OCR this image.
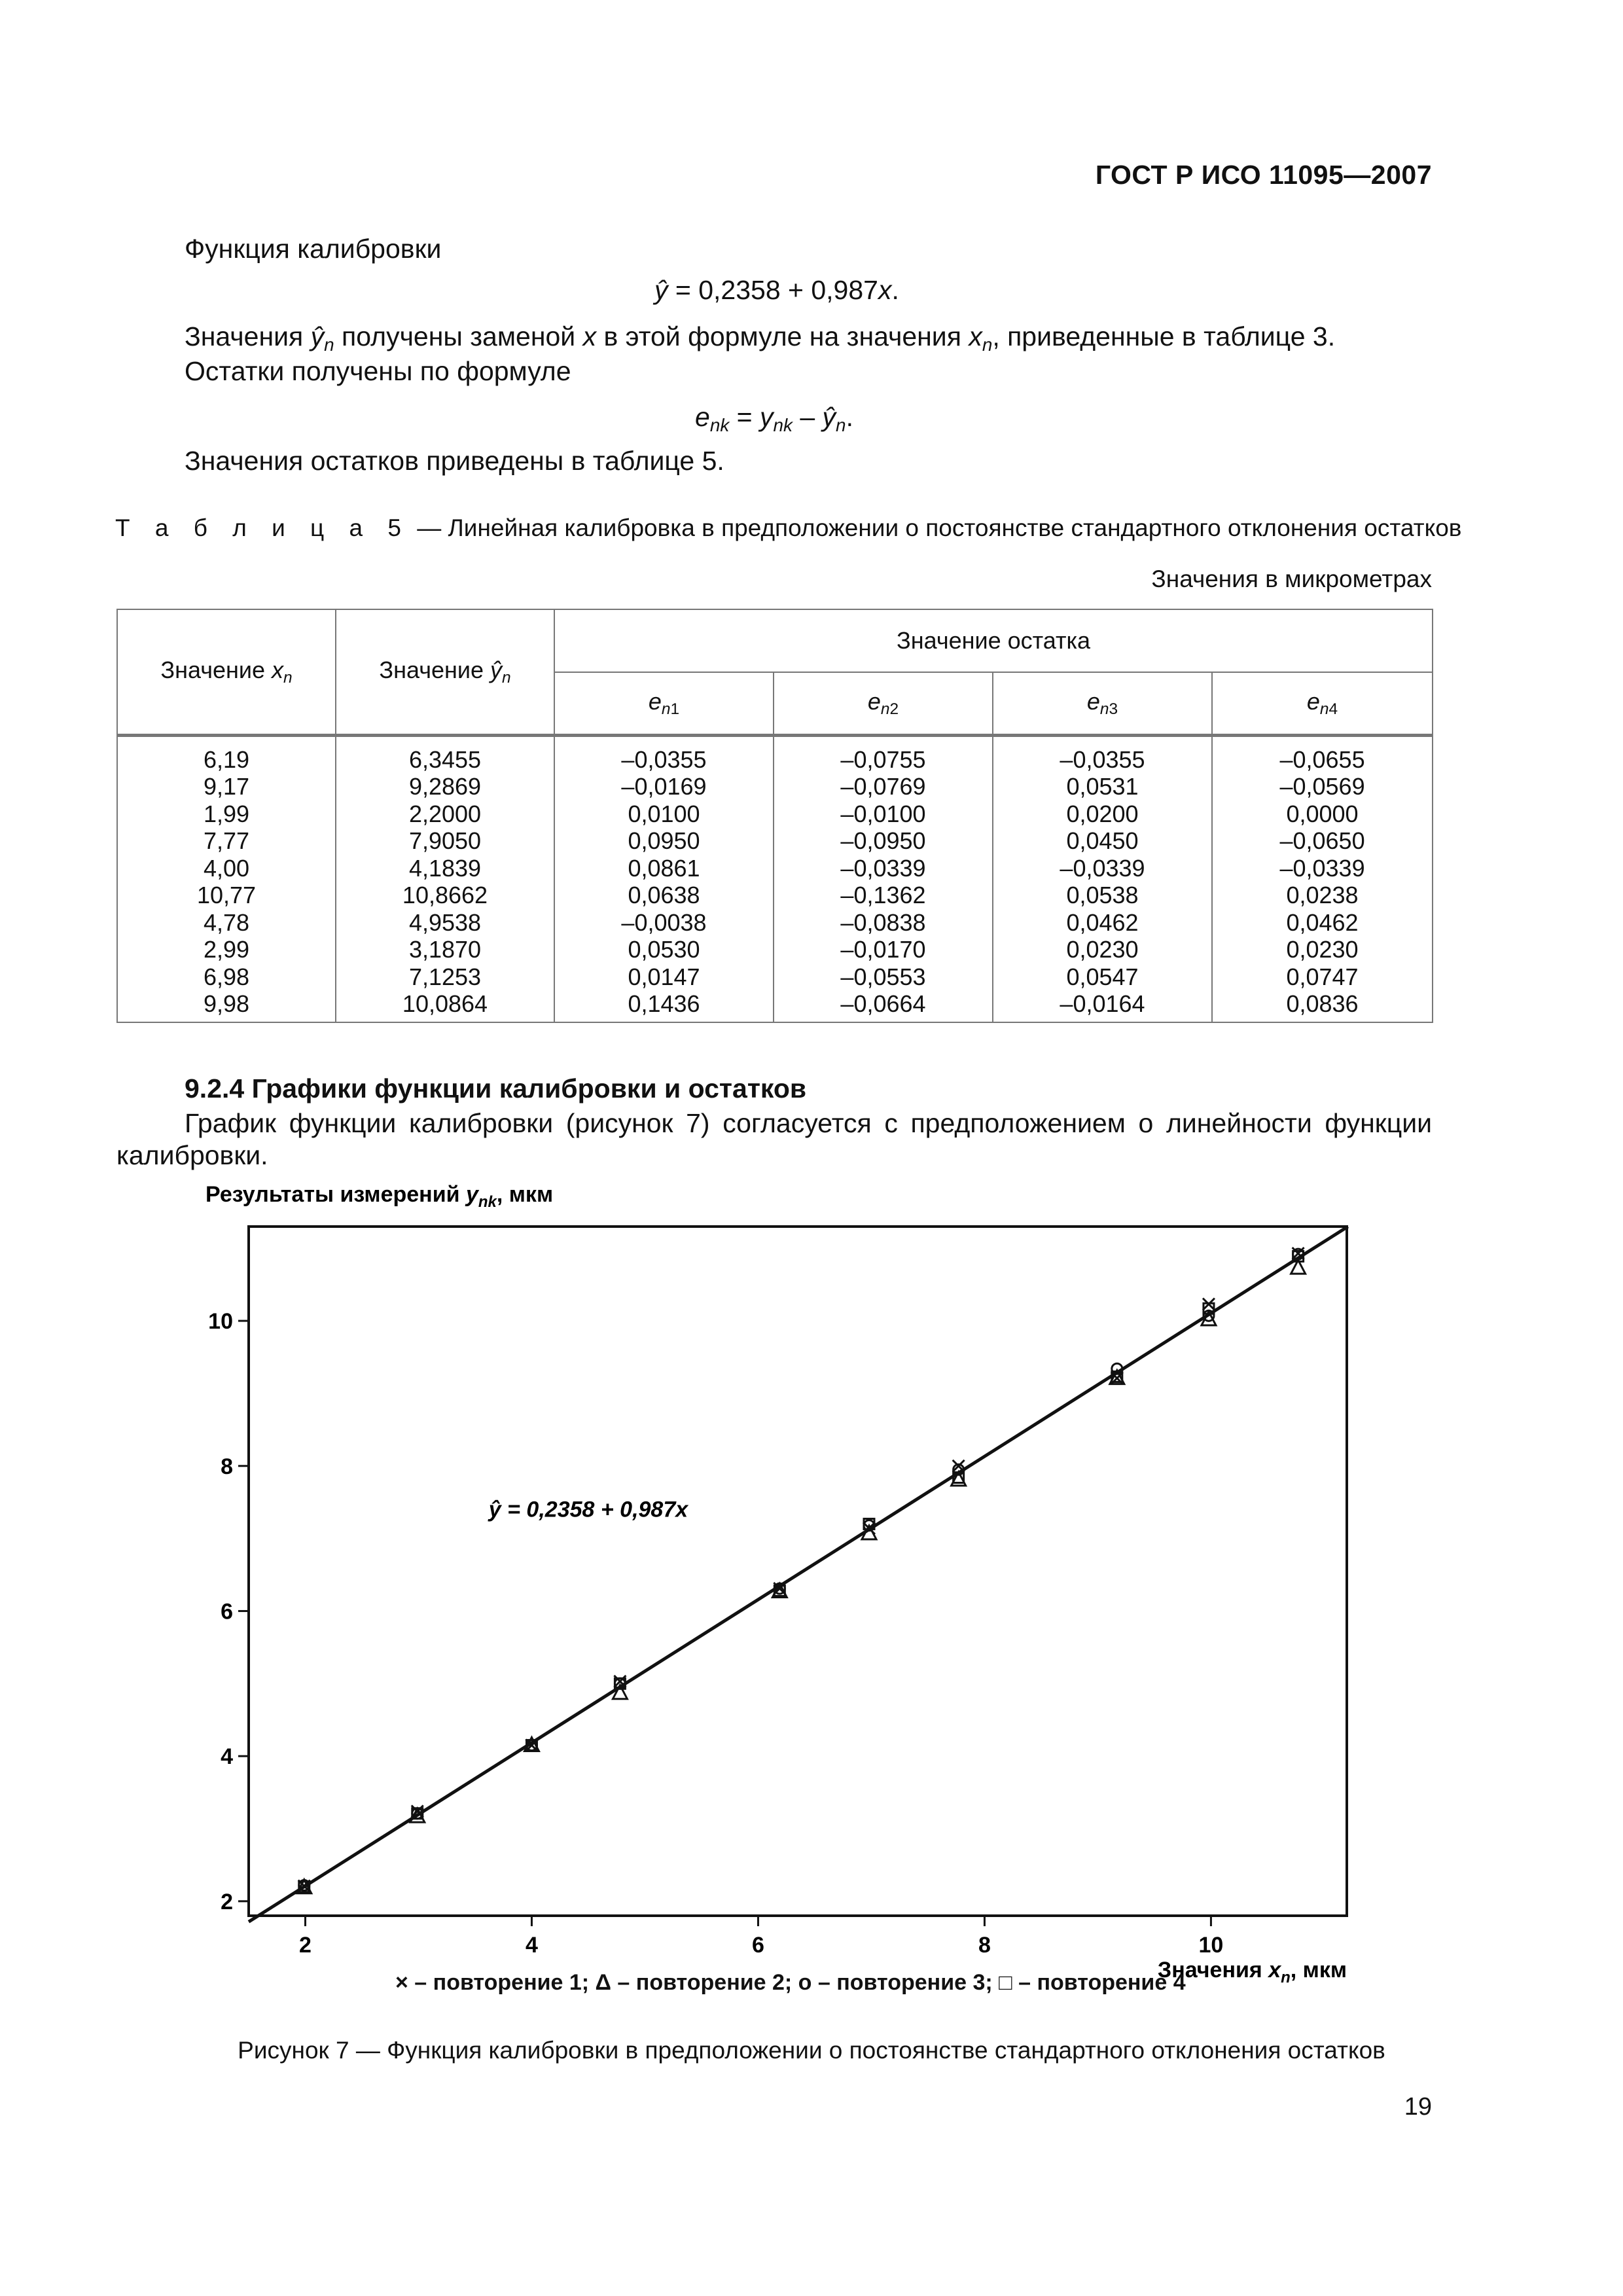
ГОСТ Р ИСО 11095—2007
Функция калибровки
ŷ = 0,2358 + 0,987x.
Значения $ŷ_n$ получены заменой x в этой формуле на значения $x_n$, приведенные в таблице 3.
Остатки получены по формуле
$e_{nk} = y_{nk}$ – $ŷ_n$.
Значения остатков приведены в таблице 5.
Т а б л и ц а 5 — Линейная калибровка в предположении о постоянстве стандартного отклонения остатков
Значения в микрометрах
Значение $x_n$	Значение $ŷ_n$	Значение остатка			
		$e_{n1}$	$e_{n2}$	$e_{n3}$	$e_{n4}$
6,19	6,3455	–0,0355	–0,0755	–0,0355	–0,0655
9,17	9,2869	–0,0169	–0,0769	0,0531	–0,0569
1,99	2,2000	0,0100	–0,0100	0,0200	0,0000
7,77	7,9050	0,0950	–0,0950	0,0450	–0,0650
4,00	4,1839	0,0861	–0,0339	–0,0339	–0,0339
10,77	10,8662	0,0638	–0,1362	0,0538	0,0238
4,78	4,9538	–0,0038	–0,0838	0,0462	0,0462
2,99	3,1870	0,0530	–0,0170	0,0230	0,0230
6,98	7,1253	0,0147	–0,0553	0,0547	0,0747
9,98	10,0864	0,1436	–0,0664	–0,0164	0,0836
9.2.4 Графики функции калибровки и остатков
График функции калибровки (рисунок 7) согласуется с предположением о линейности функции калибровки.
2	4	6	8	10
2
4
6
8
10
Результаты измерений $y_{nk}$, мкм
Значения $x_n$, мкм
ŷ = 0,2358 + 0,987x
× – повторение 1; Δ – повторение 2; o – повторение 3; □ – повторение 4
Рисунок 7 — Функция калибровки в предположении о постоянстве стандартного отклонения остатков
19
